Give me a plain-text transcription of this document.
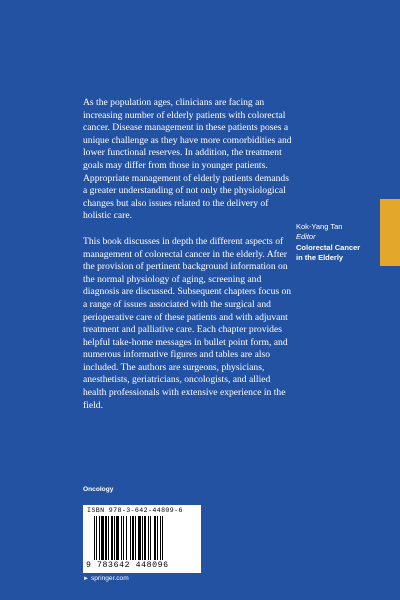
As the population ages, clinicians are facing an increasing number of elderly patients with colorectal cancer. Disease management in these patients poses a unique challenge as they have more comorbidities and lower functional reserves. In addition, the treatment goals may differ from those in younger patients. Appropriate management of elderly patients demands a greater understanding of not only the physiological changes but also issues related to the delivery of holistic care.

This book discusses in depth the different aspects of management of colorectal cancer in the elderly. After the provision of pertinent background information on the normal physiology of aging, screening and diagnosis are discussed. Subsequent chapters focus on a range of issues associated with the surgical and perioperative care of these patients and with adjuvant treatment and palliative care. Each chapter provides helpful take-home messages in bullet point form, and numerous informative figures and tables are also included. The authors are surgeons, physicians, anesthetists, geriatricians, oncologists, and allied health professionals with extensive experience in the field.

Kok-Yang Tan
Editor
Colorectal Cancer
in the Elderly
Oncology
ISBN 978-3-642-44809-6
9 783642 448096
► springer.com
